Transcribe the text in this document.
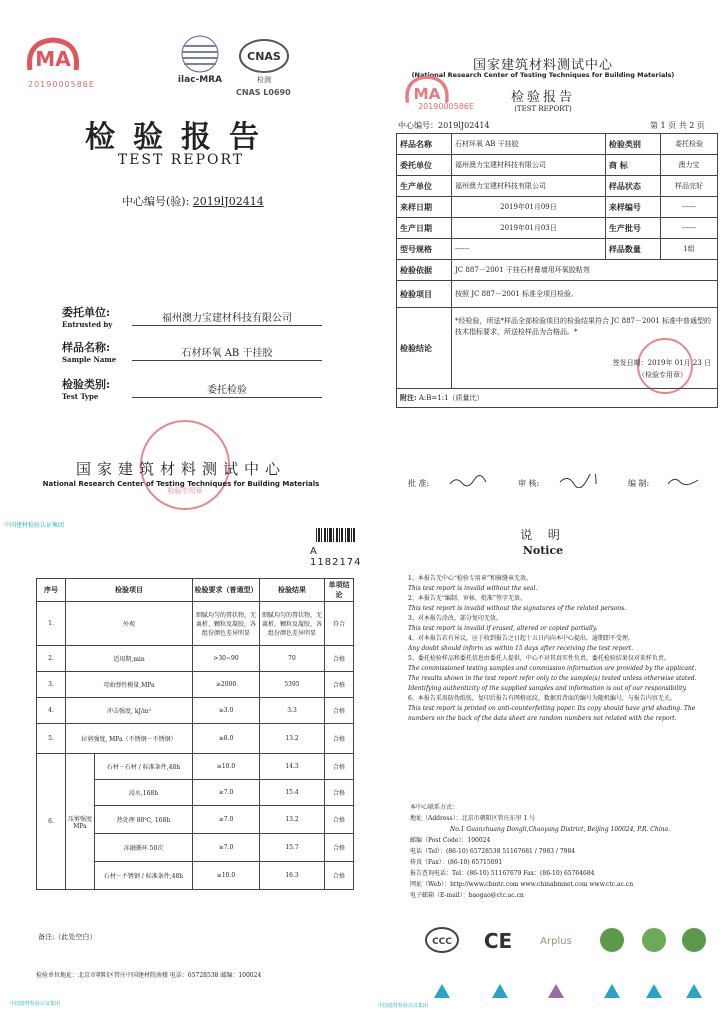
MA
2019000586E	ilac-MRA
CNAS
检测
CNAS L0690
检验报告
TEST REPORT
中心编号(验): 2019lJ02414
委托单位:
Entrusted by
福州澳力宝建材科技有限公司
样品名称:
Sample Name
石材环氧 AB 干挂胶
检验类别:
Test Type
委托检验
检验专用章
国家建筑材料测试中心
National Research Center of Testing Techniques for Building Materials
国家建筑材料测试中心
(National Research Center of Testing Techniques for Building Materials)
MA	检验报告
(TEST REPORT)
2019000586E
中心编号：2019lJ02414	第 1 页 共 2 页
样品名称	石材环氧 AB 干挂胶	检验类别	委托检验
委托单位	福州澳力宝建材科技有限公司	商 标	澳力宝
生产单位	福州澳力宝建材科技有限公司	样品状态	样品完好
来样日期	2019年01月09日	来样编号	------
生产日期	2019年01月03日	生产批号	------
型号规格	------	样品数量	1组
检验依据	JC 887－2001 干挂石材幕墙用环氧胶粘剂		
检验项目	按照 JC 887－2001 标准全项目检验。		
检验结论	*经检验，所送*样品全部检验项目的检验结果符合 JC 887－2001 标准中普通型的技术指标要求，所送检样品为合格品。*
签发日期：2019年 01月 23 日
（检验专用章）		

附注: A:B=1:1（质量比）			
批 准:	审 核:	编 制:
中国建材检验认证集团
A 1182174
序号	检验项目		检验要求（普通型）	检验结果	单项结论
1.	外观		细腻均匀的膏状物，无离析、颗粒及凝胶，各组份颜色差异明显	细腻均匀的膏状物，无离析、颗粒及凝胶，各组份颜色差异明显	符合
2.	适用期,min		>30~90	70	合格
3.	弯曲弹性模量,MPa		≥2000	5395	合格
4.	冲击强度, kJ/m²		≥3.0	3.3	合格
5.	拉剪强度, MPa（不锈钢－不锈钢）		≥8.0	13.2	合格
6.	压剪强度 MPa	石材－石材 / 标准条件,48h	≥10.0	14.3	合格
		浸水,168h	≥7.0	15.4	合格
		热处理 80℃, 168h	≥7.0	13.2	合格
		冻融循环 50次	≥7.0	15.7	合格
		石材－不锈钢 / 标准条件,48h	≥10.0	16.3	合格
备注:（此处空白）
检验单位地址：北京市朝阳区管庄中国建材院南楼 电话：65728538 邮编：100024
中国建材检验认证集团
说 明
Notice
1、本报告无中心“检验专用章”和骑缝章无效。
This test report is invalid without the seal.
2、本报告无“编制、审核、批准”签字无效。
This test report is invalid without the signatures of the related persons.
3、对本报告涂改、部分复印无效。
This test report is invalid if erased, altered or copied partially.
4、对本报告若有异议，应于收到报告之日起十五日内向本中心提出，逾期即不受理。
Any doubt should inform us within 15 days after receiving the test report.
5、委托检验样品和委托信息由委托人提供，中心不对其真实性负责，委托检验结果仅对来样负责。
The commissioned testing samples and commission information are provided by the applicant. The results shown in the test report refer only to the sample(s) tested unless otherwise stated. Identifying authenticity of the supplied samples and information is out of our responsibility.
6、本报告采用防伪纸张，复印后报告有网格底纹，数据页背面的编号为随机编号，与报告内容无关。
This test report is printed on anti-counterfeiting paper. Its copy should have grid shading. The numbers on the back of the data sheet are random numbers not related with the report.
本中心联系方式：
地址（Address）：北京市朝阳区管庄东里 1 号
No.1 Guanzhuang Dongli,Chaoyang District, Beijing 100024, P.R. China.
邮编（Post Code）：100024
电话（Tel）：(86-10) 65728538 51167681 / 7983 / 7984
传真（Fax）：(86-10) 65715091
报告查询电话：Tel：(86-10) 51167679 Fax：(86-10) 65764684
网址（Web）：http://www.cbmtc.com www.chinabmnet.com www.ctc.ac.cn
电子邮箱（E-mail）：baogao@ctc.ac.cn
CCC CE	Arplus
中国建材检验认证集团
